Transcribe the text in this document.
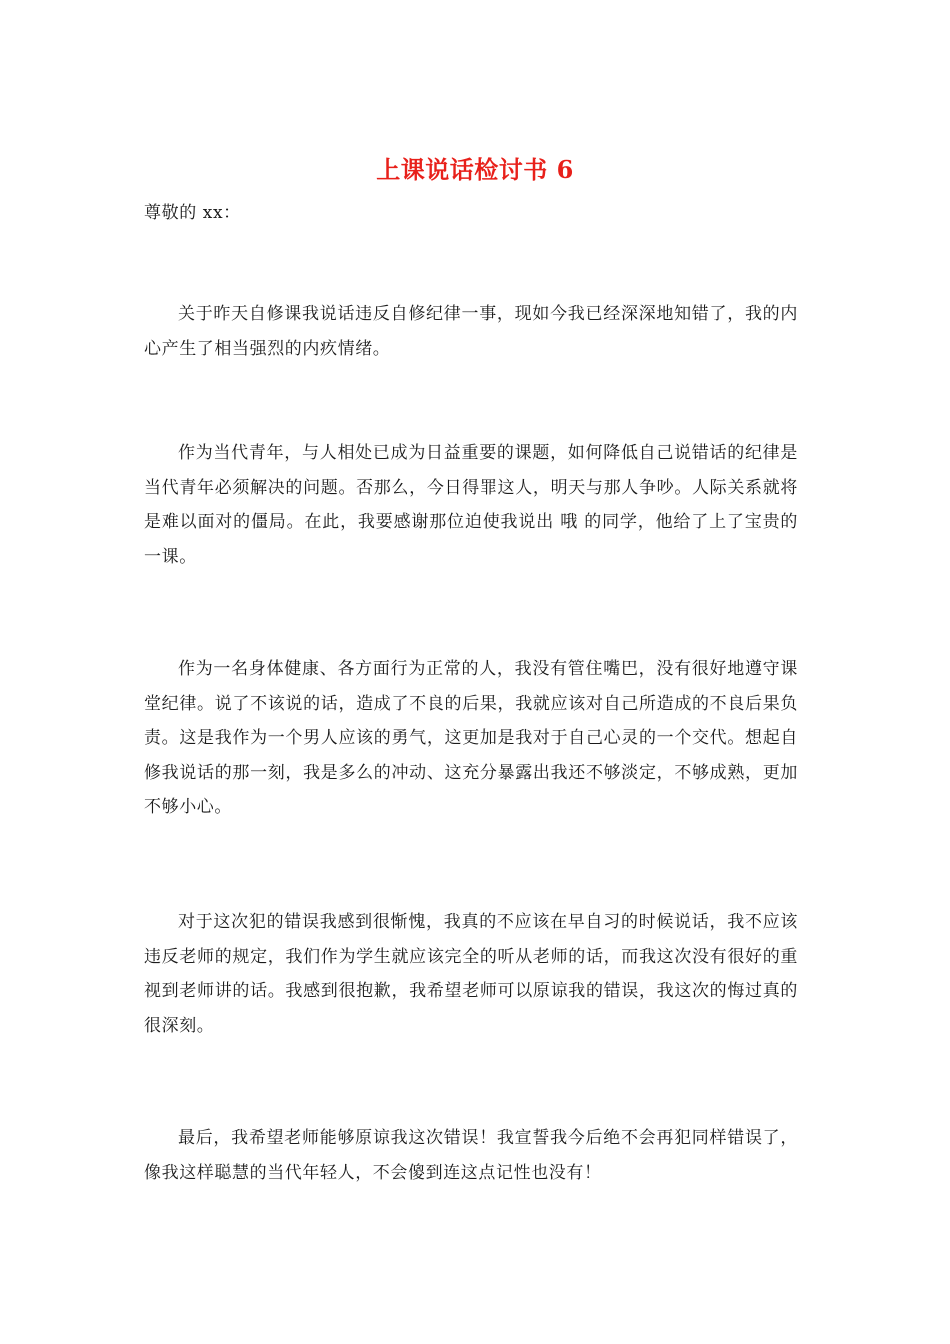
上课说话检讨书 6
尊敬的 xx：

关于昨天自修课我说话违反自修纪律一事，现如今我已经深深地知错了，我的内心产生了相当强烈的内疚情绪。

作为当代青年，与人相处已成为日益重要的课题，如何降低自己说错话的纪律是当代青年必须解决的问题。否那么，今日得罪这人，明天与那人争吵。人际关系就将是难以面对的僵局。在此，我要感谢那位迫使我说出 哦 的同学，他给了上了宝贵的一课。

作为一名身体健康、各方面行为正常的人，我没有管住嘴巴，没有很好地遵守课堂纪律。说了不该说的话，造成了不良的后果，我就应该对自己所造成的不良后果负责。这是我作为一个男人应该的勇气，这更加是我对于自己心灵的一个交代。想起自修我说话的那一刻，我是多么的冲动、这充分暴露出我还不够淡定，不够成熟，更加不够小心。

对于这次犯的错误我感到很惭愧，我真的不应该在早自习的时候说话，我不应该违反老师的规定，我们作为学生就应该完全的听从老师的话，而我这次没有很好的重视到老师讲的话。我感到很抱歉，我希望老师可以原谅我的错误，我这次的悔过真的很深刻。

最后，我希望老师能够原谅我这次错误！我宣誓我今后绝不会再犯同样错误了，像我这样聪慧的当代年轻人，不会傻到连这点记性也没有！
